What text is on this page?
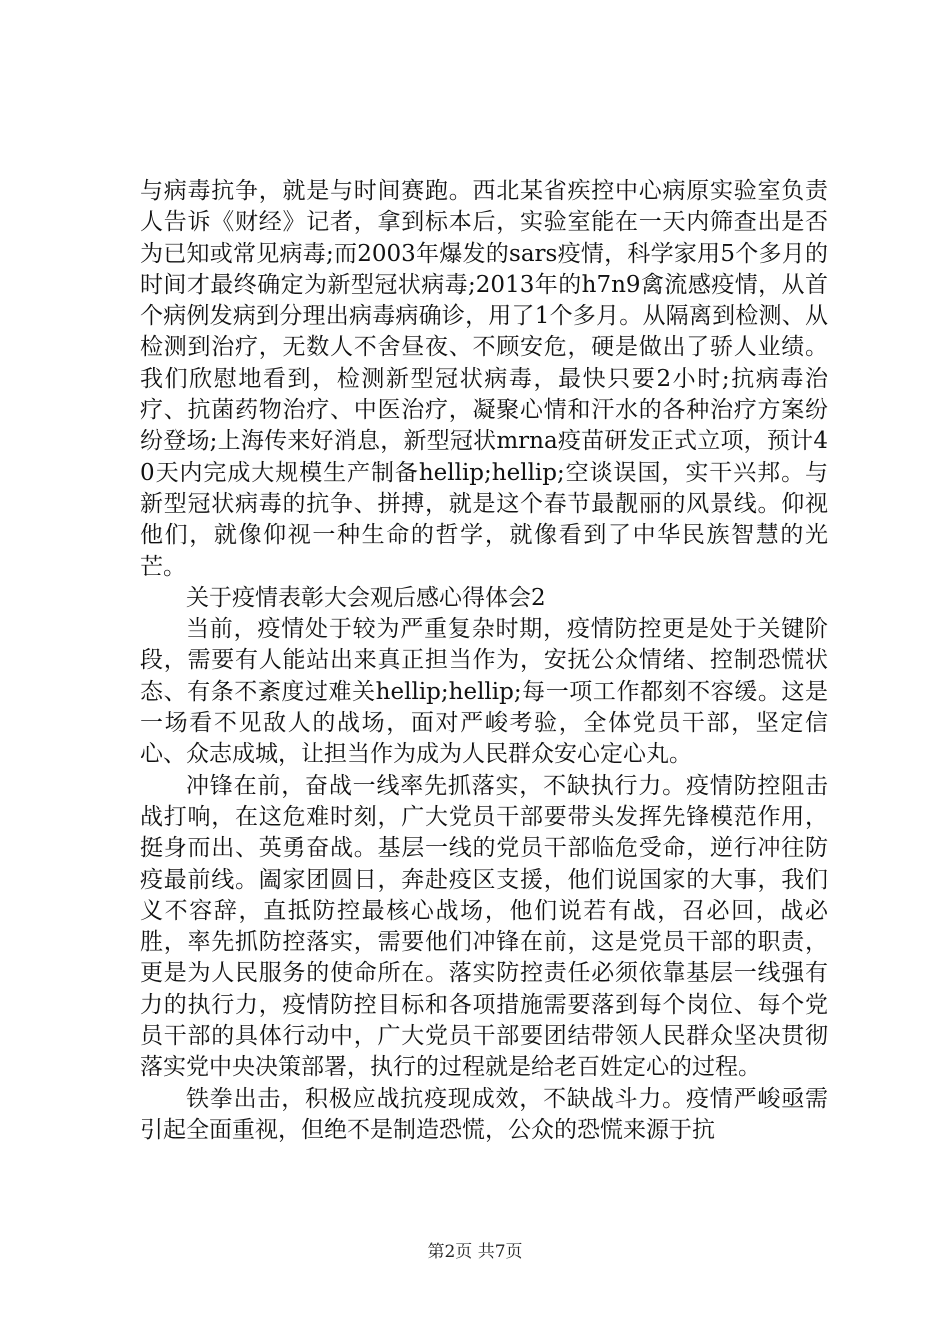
与病毒抗争，就是与时间赛跑。西北某省疾控中心病原实验室负责人告诉《财经》记者，拿到标本后，实验室能在一天内筛查出是否为已知或常见病毒;而2003年爆发的sars疫情，科学家用5个多月的时间才最终确定为新型冠状病毒;2013年的h7n9禽流感疫情，从首个病例发病到分理出病毒病确诊，用了1个多月。从隔离到检测、从检测到治疗，无数人不舍昼夜、不顾安危，硬是做出了骄人业绩。我们欣慰地看到，检测新型冠状病毒，最快只要2小时;抗病毒治疗、抗菌药物治疗、中医治疗，凝聚心情和汗水的各种治疗方案纷纷登场;上海传来好消息，新型冠状mrna疫苗研发正式立项，预计40天内完成大规模生产制备hellip;hellip;空谈误国，实干兴邦。与新型冠状病毒的抗争、拼搏，就是这个春节最靓丽的风景线。仰视他们，就像仰视一种生命的哲学，就像看到了中华民族智慧的光芒。

关于疫情表彰大会观后感心得体会2

当前，疫情处于较为严重复杂时期，疫情防控更是处于关键阶段，需要有人能站出来真正担当作为，安抚公众情绪、控制恐慌状态、有条不紊度过难关hellip;hellip;每一项工作都刻不容缓。这是一场看不见敌人的战场，面对严峻考验，全体党员干部，坚定信心、众志成城，让担当作为成为人民群众安心定心丸。

冲锋在前，奋战一线率先抓落实，不缺执行力。疫情防控阻击战打响，在这危难时刻，广大党员干部要带头发挥先锋模范作用，挺身而出、英勇奋战。基层一线的党员干部临危受命，逆行冲往防疫最前线。阖家团圆日，奔赴疫区支援，他们说国家的大事，我们义不容辞，直抵防控最核心战场，他们说若有战，召必回，战必胜，率先抓防控落实，需要他们冲锋在前，这是党员干部的职责，更是为人民服务的使命所在。落实防控责任必须依靠基层一线强有力的执行力，疫情防控目标和各项措施需要落到每个岗位、每个党员干部的具体行动中，广大党员干部要团结带领人民群众坚决贯彻落实党中央决策部署，执行的过程就是给老百姓定心的过程。

铁拳出击，积极应战抗疫现成效，不缺战斗力。疫情严峻亟需引起全面重视，但绝不是制造恐慌，公众的恐慌来源于抗

第2页 共7页
